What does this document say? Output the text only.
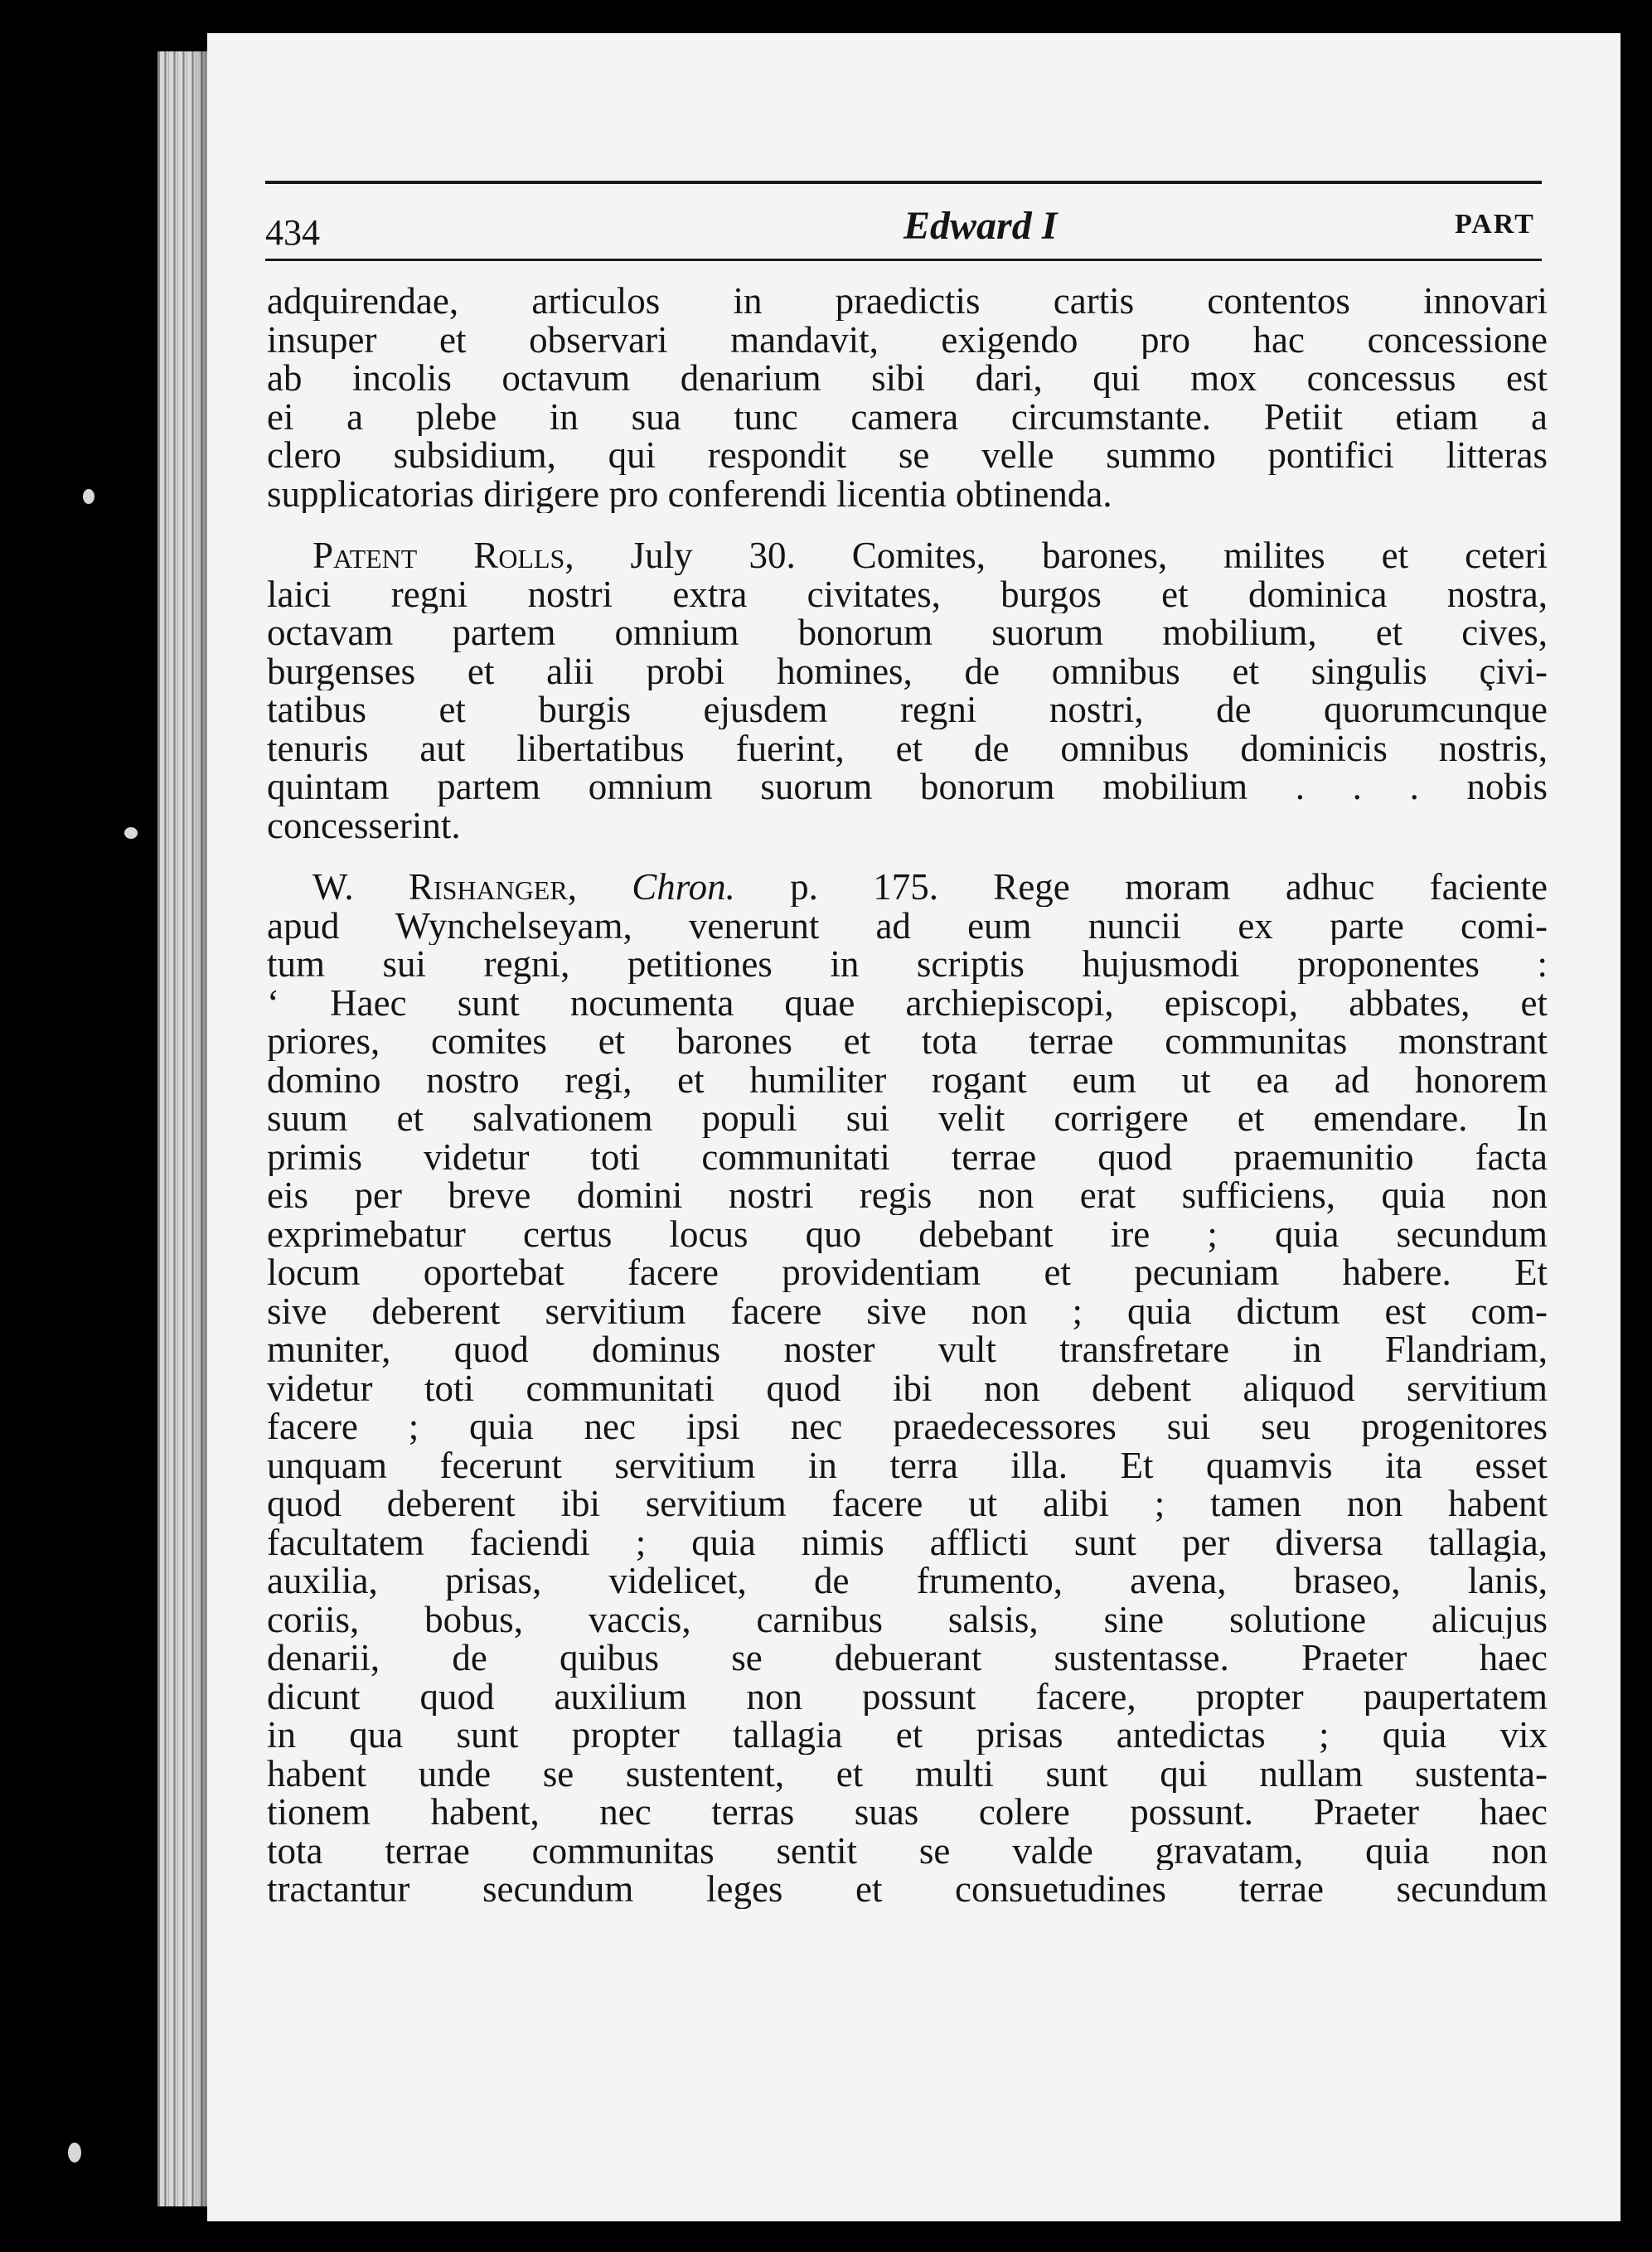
434	Edward I	PART
adquirendae, articulos in praedictis cartis contentos innovari
insuper et observari mandavit, exigendo pro hac concessione
ab incolis octavum denarium sibi dari, qui mox concessus est
ei a plebe in sua tunc camera circumstante. Petiit etiam a
clero subsidium, qui respondit se velle summo pontifici litteras
supplicatorias dirigere pro conferendi licentia obtinenda.
Patent Rolls, July 30. Comites, barones, milites et ceteri
laici regni nostri extra civitates, burgos et dominica nostra,
octavam partem omnium bonorum suorum mobilium, et cives,
burgenses et alii probi homines, de omnibus et singulis çivi-
tatibus et burgis ejusdem regni nostri, de quorumcunque
tenuris aut libertatibus fuerint, et de omnibus dominicis nostris,
quintam partem omnium suorum bonorum mobilium . . . nobis
concesserint.
W. Rishanger, Chron. p. 175. Rege moram adhuc faciente
apud Wynchelseyam, venerunt ad eum nuncii ex parte comi-
tum sui regni, petitiones in scriptis hujusmodi proponentes :
‘ Haec sunt nocumenta quae archiepiscopi, episcopi, abbates, et
priores, comites et barones et tota terrae communitas monstrant
domino nostro regi, et humiliter rogant eum ut ea ad honorem
suum et salvationem populi sui velit corrigere et emendare. In
primis videtur toti communitati terrae quod praemunitio facta
eis per breve domini nostri regis non erat sufficiens, quia non
exprimebatur certus locus quo debebant ire ; quia secundum
locum oportebat facere providentiam et pecuniam habere. Et
sive deberent servitium facere sive non ; quia dictum est com-
muniter, quod dominus noster vult transfretare in Flandriam,
videtur toti communitati quod ibi non debent aliquod servitium
facere ; quia nec ipsi nec praedecessores sui seu progenitores
unquam fecerunt servitium in terra illa. Et quamvis ita esset
quod deberent ibi servitium facere ut alibi ; tamen non habent
facultatem faciendi ; quia nimis afflicti sunt per diversa tallagia,
auxilia, prisas, videlicet, de frumento, avena, braseo, lanis,
coriis, bobus, vaccis, carnibus salsis, sine solutione alicujus
denarii, de quibus se debuerant sustentasse. Praeter haec
dicunt quod auxilium non possunt facere, propter paupertatem
in qua sunt propter tallagia et prisas antedictas ; quia vix
habent unde se sustentent, et multi sunt qui nullam sustenta-
tionem habent, nec terras suas colere possunt. Praeter haec
tota terrae communitas sentit se valde gravatam, quia non
tractantur secundum leges et consuetudines terrae secundum
